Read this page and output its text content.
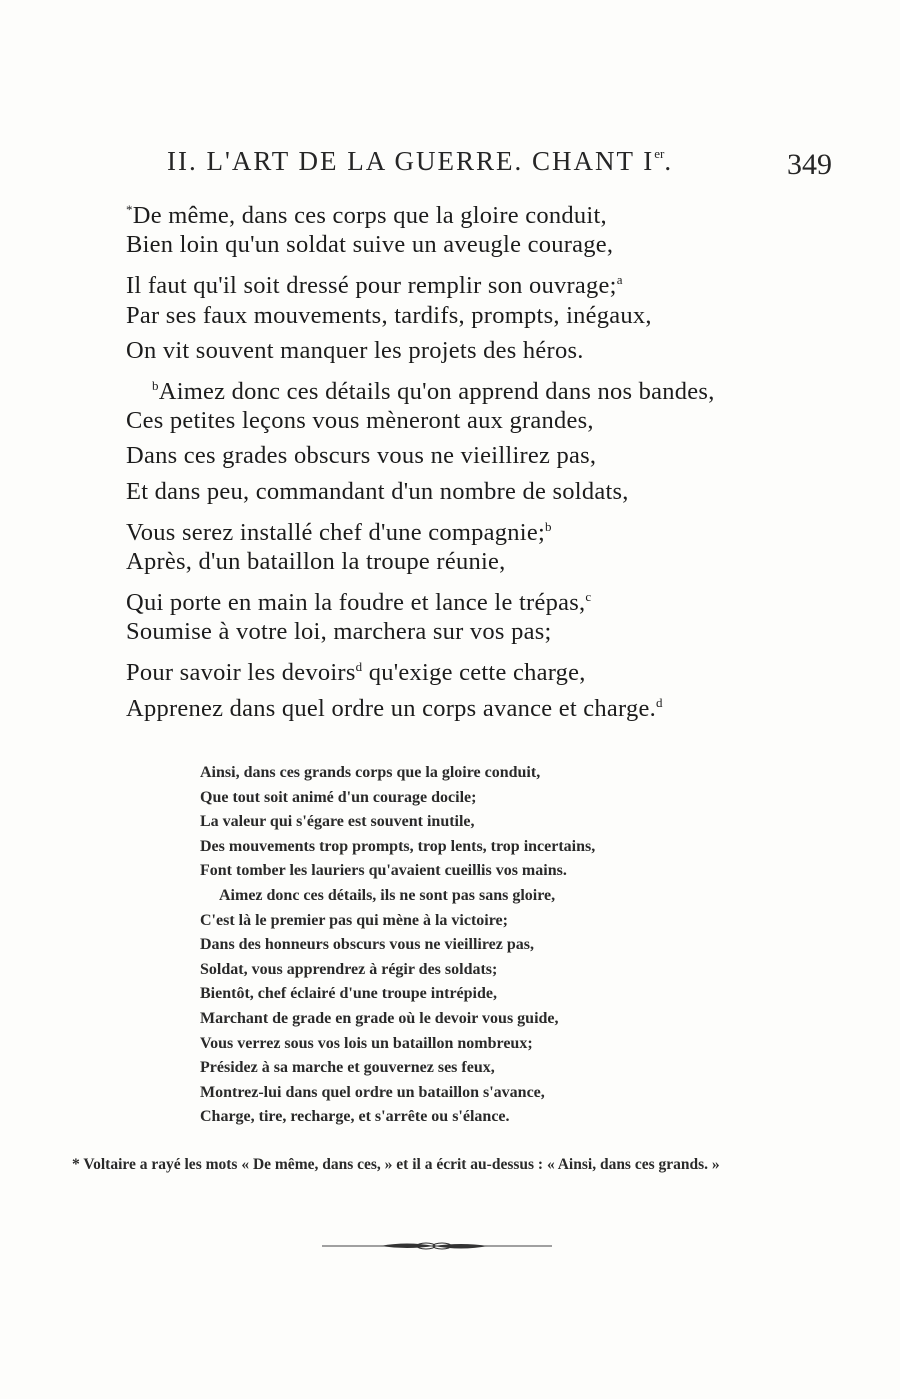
II. L'ART DE LA GUERRE. CHANT Ier.	349
*De même, dans ces corps que la gloire conduit,
Bien loin qu'un soldat suive un aveugle courage,
Il faut qu'il soit dressé pour remplir son ouvrage;$^a$
Par ses faux mouvements, tardifs, prompts, inégaux,
On vit souvent manquer les projets des héros.
$^b$Aimez donc ces détails qu'on apprend dans nos bandes,
Ces petites leçons vous mèneront aux grandes,
Dans ces grades obscurs vous ne vieillirez pas,
Et dans peu, commandant d'un nombre de soldats,
Vous serez installé chef d'une compagnie;$^b$
Après, d'un bataillon la troupe réunie,
Qui porte en main la foudre et lance le trépas,$^c$
Soumise à votre loi, marchera sur vos pas;
Pour savoir les devoirs$^d$ qu'exige cette charge,
Apprenez dans quel ordre un corps avance et charge.$^d$
Ainsi, dans ces grands corps que la gloire conduit,
Que tout soit animé d'un courage docile;
La valeur qui s'égare est souvent inutile,
Des mouvements trop prompts, trop lents, trop incertains,
Font tomber les lauriers qu'avaient cueillis vos mains.
Aimez donc ces détails, ils ne sont pas sans gloire,
C'est là le premier pas qui mène à la victoire;
Dans des honneurs obscurs vous ne vieillirez pas,
Soldat, vous apprendrez à régir des soldats;
Bientôt, chef éclairé d'une troupe intrépide,
Marchant de grade en grade où le devoir vous guide,
Vous verrez sous vos lois un bataillon nombreux;
Présidez à sa marche et gouvernez ses feux,
Montrez-lui dans quel ordre un bataillon s'avance,
Charge, tire, recharge, et s'arrête ou s'élance.
* Voltaire a rayé les mots « De même, dans ces, » et il a écrit au-dessus : « Ainsi, dans ces grands. »
